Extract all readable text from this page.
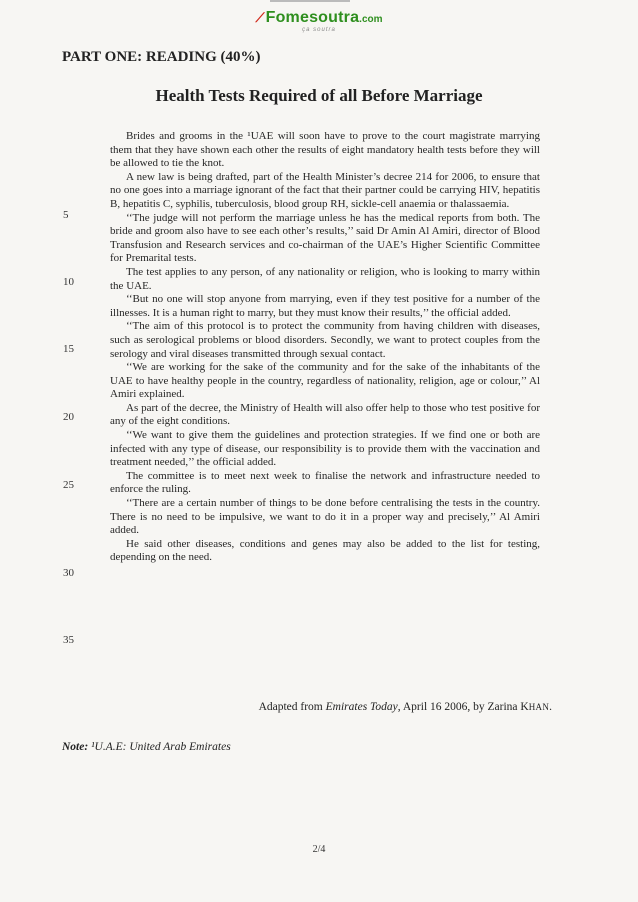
⟋Fomesoutra.com
ça soutra
PART ONE: READING (40%)
Health Tests Required of all Before Marriage

Brides and grooms in the ¹UAE will soon have to prove to the court magistrate marrying them that they have shown each other the results of eight mandatory health tests before they will be allowed to tie the knot.

A new law is being drafted, part of the Health Minister’s decree 214 for 2006, to ensure that no one goes into a marriage ignorant of the fact that their partner could be carrying HIV, hepatitis B, hepatitis C, syphilis, tuberculosis, blood group RH, sickle-cell anaemia or thalassaemia.

‘‘The judge will not perform the marriage unless he has the medical reports from both. The bride and groom also have to see each other’s results,’’ said Dr Amin Al Amiri, director of Blood Transfusion and Research services and co-chairman of the UAE’s Higher Scientific Committee for Premarital tests.

The test applies to any person, of any nationality or religion, who is looking to marry within the UAE.

‘‘But no one will stop anyone from marrying, even if they test positive for a number of the illnesses. It is a human right to marry, but they must know their results,’’ the official added.

‘‘The aim of this protocol is to protect the community from having children with diseases, such as serological problems or blood disorders. Secondly, we want to protect couples from the serology and viral diseases transmitted through sexual contact.

‘‘We are working for the sake of the community and for the sake of the inhabitants of the UAE to have healthy people in the country, regardless of nationality, religion, age or colour,’’ Al Amiri explained.

As part of the decree, the Ministry of Health will also offer help to those who test positive for any of the eight conditions.

‘‘We want to give them the guidelines and protection strategies. If we find one or both are infected with any type of disease, our responsibility is to provide them with the vaccination and treatment needed,’’ the official added.

The committee is to meet next week to finalise the network and infrastructure needed to enforce the ruling.

‘‘There are a certain number of things to be done before centralising the tests in the country. There is no need to be impulsive, we want to do it in a proper way and precisely,’’ Al Amiri added.

He said other diseases, conditions and genes may also be added to the list for testing, depending on the need.

5
10
15
20
25
30
35
Adapted from Emirates Today, April 16 2006, by Zarina KHAN.
Note: ¹U.A.E: United Arab Emirates
2/4
